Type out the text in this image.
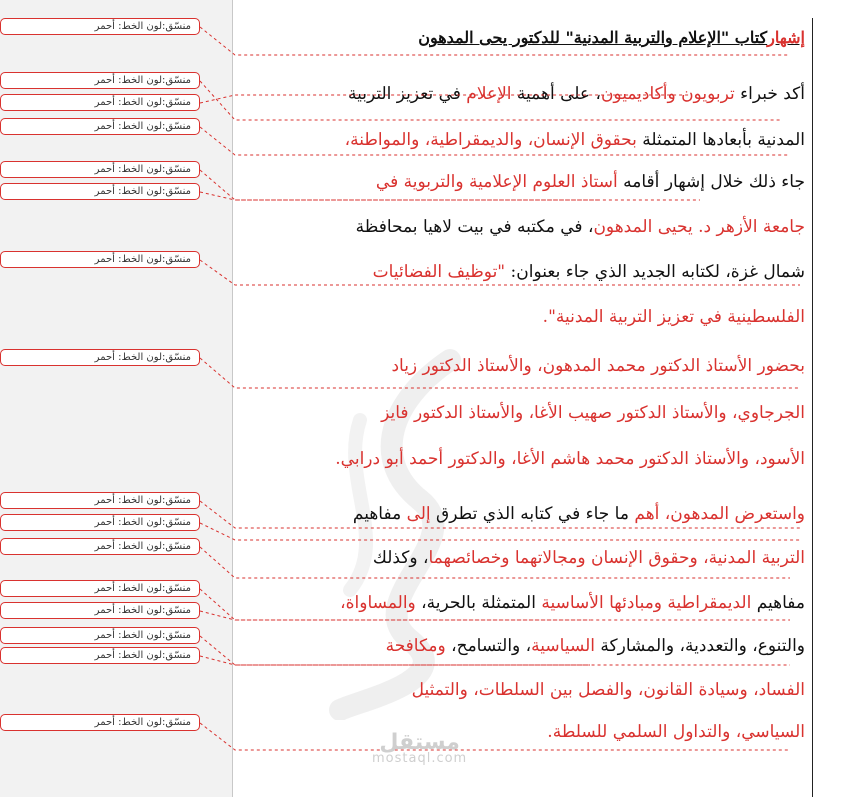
إشهاركتاب "الإعلام والتربية المدنية" للدكتور يحى المدهون
أكد خبراء تربويون وأكاديميون، على أهمية الإعلام في تعزيز التربية
المدنية بأبعادها المتمثلة بحقوق الإنسان، والديمقراطية، والمواطنة،
جاء ذلك خلال إشهار أقامه أستاذ العلوم الإعلامية والتربوية في
جامعة الأزهر د. يحيى المدهون، في مكتبه في بيت لاهيا بمحافظة
شمال غزة، لكتابه الجديد الذي جاء بعنوان: "توظيف الفضائيات
الفلسطينية في تعزيز التربية المدنية".
بحضور الأستاذ الدكتور محمد المدهون، والأستاذ الدكتور زياد
الجرجاوي، والأستاذ الدكتور صهيب الأغا، والأستاذ الدكتور فايز
الأسود، والأستاذ الدكتور محمد هاشم الأغا، والدكتور أحمد أبو درابي.
واستعرض المدهون، أهم ما جاء في كتابه الذي تطرق إلى مفاهيم
التربية المدنية، وحقوق الإنسان ومجالاتهما وخصائصهما، وكذلك
مفاهيم الديمقراطية ومبادئها الأساسية المتمثلة بالحرية، والمساواة،
والتنوع، والتعددية، والمشاركة السياسية، والتسامح، ومكافحة
الفساد، وسيادة القانون، والفصل بين السلطات، والتمثيل
السياسي، والتداول السلمي للسلطة.
منسّق:لون الخط: أحمر
منسّق:لون الخط: أحمر
منسّق:لون الخط: أحمر
منسّق:لون الخط: أحمر
منسّق:لون الخط: أحمر
منسّق:لون الخط: أحمر
منسّق:لون الخط: أحمر
منسّق:لون الخط: أحمر
منسّق:لون الخط: أحمر
منسّق:لون الخط: أحمر
منسّق:لون الخط: أحمر
منسّق:لون الخط: أحمر
منسّق:لون الخط: أحمر
منسّق:لون الخط: أحمر
منسّق:لون الخط: أحمر
منسّق:لون الخط: أحمر
مستقل
mostaql.com
